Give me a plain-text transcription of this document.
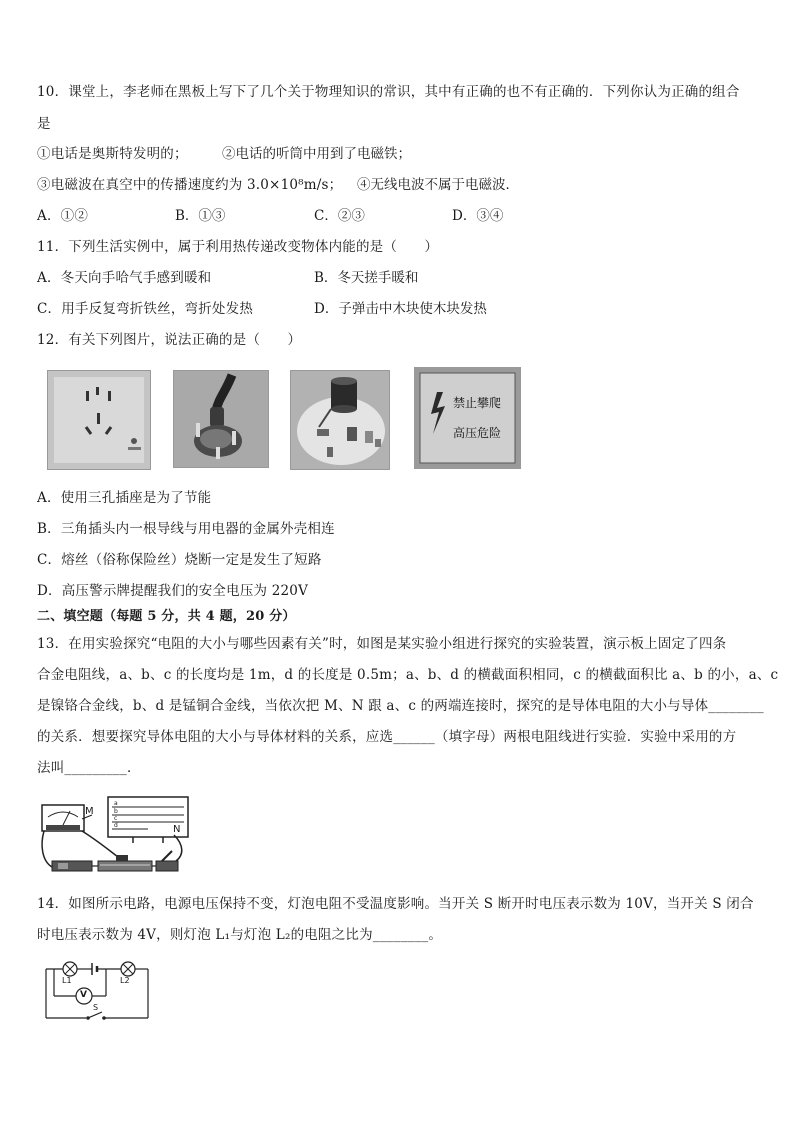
10．课堂上，李老师在黑板上写下了几个关于物理知识的常识，其中有正确的也不有正确的．下列你认为正确的组合
是
①电话是奥斯特发明的；	②电话的听筒中用到了电磁铁；
③电磁波在真空中的传播速度约为 3.0×10⁸m/s； ④无线电波不属于电磁波．
A．①②	B．①③	C．②③	D．③④
11．下列生活实例中，属于利用热传递改变物体内能的是（　　）
A．冬天向手哈气手感到暖和	B．冬天搓手暖和
C．用手反复弯折铁丝，弯折处发热	D．子弹击中木块使木块发热
12．有关下列图片，说法正确的是（　　）
禁止攀爬
高压危险
A．使用三孔插座是为了节能
B．三角插头内一根导线与用电器的金属外壳相连
C．熔丝（俗称保险丝）烧断一定是发生了短路
D．高压警示牌提醒我们的安全电压为 220V
二、填空题（每题 5 分，共 4 题，20 分）
13．在用实验探究“电阻的大小与哪些因素有关”时，如图是某实验小组进行探究的实验装置，演示板上固定了四条
合金电阻线，a、b、c 的长度均是 1m，d 的长度是 0.5m；a、b、d 的横截面积相同，c 的横截面积比 a、b 的小，a、c
是镍铬合金线，b、d 是锰铜合金线，当依次把 M、N 跟 a、c 的两端连接时，探究的是导体电阻的大小与导体________
的关系．想要探究导体电阻的大小与导体材料的关系，应选______（填字母）两根电阻线进行实验．实验中采用的方
法叫_________．
M
N
a
b
c
d
14．如图所示电路，电源电压保持不变，灯泡电阻不受温度影响。当开关 S 断开时电压表示数为 10V，当开关 S 闭合
时电压表示数为 4V，则灯泡 L₁与灯泡 L₂的电阻之比为________。
L1	L2
V
S
